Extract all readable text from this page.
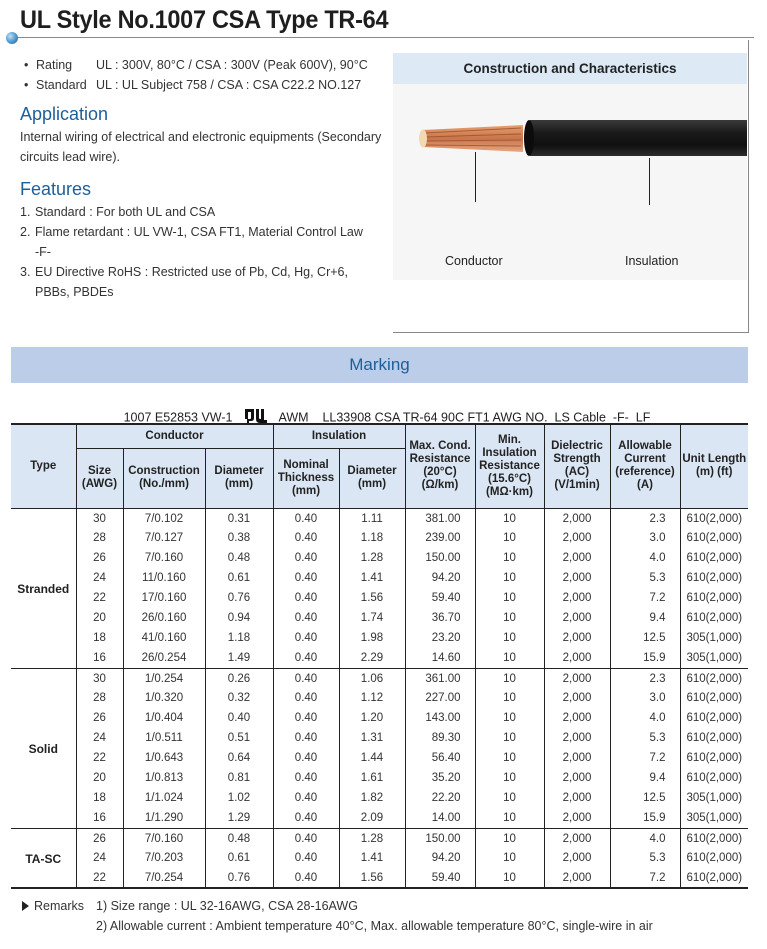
UL Style No.1007 CSA Type TR-64
• Rating	UL : 300V, 80°C / CSA : 300V (Peak 600V), 90°C
• Standard UL : UL Subject 758 / CSA : CSA C22.2 NO.127
Application
Internal wiring of electrical and electronic equipments (Secondary
circuits lead wire).
Features
1. Standard : For both UL and CSA
2. Flame retardant : UL VW-1, CSA FT1, Material Control Law -F-
3. EU Directive RoHS : Restricted use of Pb, Cd, Hg, Cr+6, PBBs, PBDEs
Construction and Characteristics
Conductor	Insulation
Marking

1007 E52853 VW-1	AWM    LL33908 CSA TR-64 90C FT1 AWG NO.  LS Cable  -F-  LF

Type	Conductor			Insulation		Max. Cond. Resistance (20°C) (Ω/km)	Min. Insulation Resistance (15.6°C) (MΩ·km)	Dielectric Strength (AC) (V/1min)	Allowable Current (reference) (A)	Unit Length (m) (ft)
	Size (AWG)	Construction (No./mm)	Diameter (mm)	Nominal Thickness (mm)	Diameter (mm)					
Stranded	30	7/0.102	0.31	0.40	1.11	381.00	10	2,000	2.3	610(2,000)
	28	7/0.127	0.38	0.40	1.18	239.00	10	2,000	3.0	610(2,000)
	26	7/0.160	0.48	0.40	1.28	150.00	10	2,000	4.0	610(2,000)
	24	11/0.160	0.61	0.40	1.41	94.20	10	2,000	5.3	610(2,000)
	22	17/0.160	0.76	0.40	1.56	59.40	10	2,000	7.2	610(2,000)
	20	26/0.160	0.94	0.40	1.74	36.70	10	2,000	9.4	610(2,000)
	18	41/0.160	1.18	0.40	1.98	23.20	10	2,000	12.5	305(1,000)
	16	26/0.254	1.49	0.40	2.29	14.60	10	2,000	15.9	305(1,000)
Solid	30	1/0.254	0.26	0.40	1.06	361.00	10	2,000	2.3	610(2,000)
	28	1/0.320	0.32	0.40	1.12	227.00	10	2,000	3.0	610(2,000)
	26	1/0.404	0.40	0.40	1.20	143.00	10	2,000	4.0	610(2,000)
	24	1/0.511	0.51	0.40	1.31	89.30	10	2,000	5.3	610(2,000)
	22	1/0.643	0.64	0.40	1.44	56.40	10	2,000	7.2	610(2,000)
	20	1/0.813	0.81	0.40	1.61	35.20	10	2,000	9.4	610(2,000)
	18	1/1.024	1.02	0.40	1.82	22.20	10	2,000	12.5	305(1,000)
	16	1/1.290	1.29	0.40	2.09	14.00	10	2,000	15.9	305(1,000)
TA-SC	26	7/0.160	0.48	0.40	1.28	150.00	10	2,000	4.0	610(2,000)
	24	7/0.203	0.61	0.40	1.41	94.20	10	2,000	5.3	610(2,000)
	22	7/0.254	0.76	0.40	1.56	59.40	10	2,000	7.2	610(2,000)
Remarks 1) Size range : UL 32-16AWG, CSA 28-16AWG
2) Allowable current : Ambient temperature 40°C, Max. allowable temperature 80°C, single-wire in air
